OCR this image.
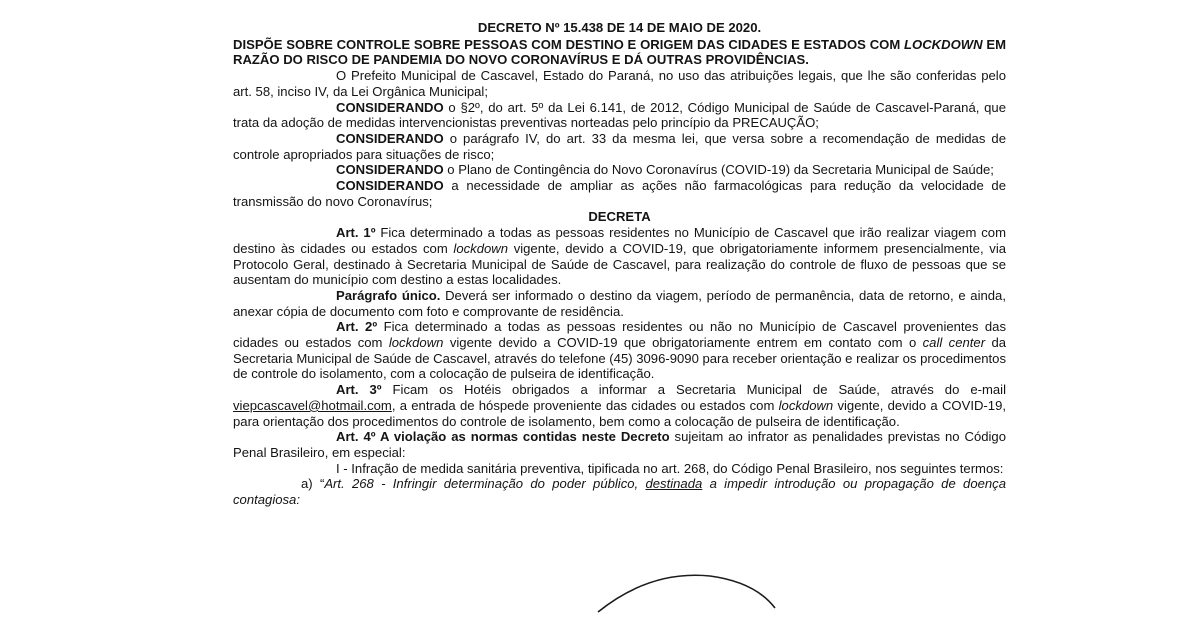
DECRETO Nº 15.438 DE 14 DE MAIO DE 2020.

DISPÕE SOBRE CONTROLE SOBRE PESSOAS COM DESTINO E ORIGEM DAS CIDADES E ESTADOS COM LOCKDOWN EM RAZÃO DO RISCO DE PANDEMIA DO NOVO CORONAVÍRUS E DÁ OUTRAS PROVIDÊNCIAS.

O Prefeito Municipal de Cascavel, Estado do Paraná, no uso das atribuições legais, que lhe são conferidas pelo art. 58, inciso IV, da Lei Orgânica Municipal;

CONSIDERANDO o §2º, do art. 5º da Lei 6.141, de 2012, Código Municipal de Saúde de Cascavel-Paraná, que trata da adoção de medidas intervencionistas preventivas norteadas pelo princípio da PRECAUÇÃO;

CONSIDERANDO o parágrafo IV, do art. 33 da mesma lei, que versa sobre a recomendação de medidas de controle apropriados para situações de risco;

CONSIDERANDO o Plano de Contingência do Novo Coronavírus (COVID-19) da Secretaria Municipal de Saúde;

CONSIDERANDO a necessidade de ampliar as ações não farmacológicas para redução da velocidade de transmissão do novo Coronavírus;

DECRETA

Art. 1º Fica determinado a todas as pessoas residentes no Município de Cascavel que irão realizar viagem com destino às cidades ou estados com lockdown vigente, devido a COVID-19, que obrigatoriamente informem presencialmente, via Protocolo Geral, destinado à Secretaria Municipal de Saúde de Cascavel, para realização do controle de fluxo de pessoas que se ausentam do município com destino a estas localidades.

Parágrafo único. Deverá ser informado o destino da viagem, período de permanência, data de retorno, e ainda, anexar cópia de documento com foto e comprovante de residência.

Art. 2º Fica determinado a todas as pessoas residentes ou não no Município de Cascavel provenientes das cidades ou estados com lockdown vigente devido a COVID-19 que obrigatoriamente entrem em contato com o call center da Secretaria Municipal de Saúde de Cascavel, através do telefone (45) 3096-9090 para receber orientação e realizar os procedimentos de controle do isolamento, com a colocação de pulseira de identificação.

Art. 3º Ficam os Hotéis obrigados a informar a Secretaria Municipal de Saúde, através do e-mail viepcascavel@hotmail.com, a entrada de hóspede proveniente das cidades ou estados com lockdown vigente, devido a COVID-19, para orientação dos procedimentos do controle de isolamento, bem como a colocação de pulseira de identificação.

Art. 4º A violação as normas contidas neste Decreto sujeitam ao infrator as penalidades previstas no Código Penal Brasileiro, em especial:

I - Infração de medida sanitária preventiva, tipificada no art. 268, do Código Penal Brasileiro, nos seguintes termos:

a) “Art. 268 - Infringir determinação do poder público, destinada a impedir introdução ou propagação de doença contagiosa:
